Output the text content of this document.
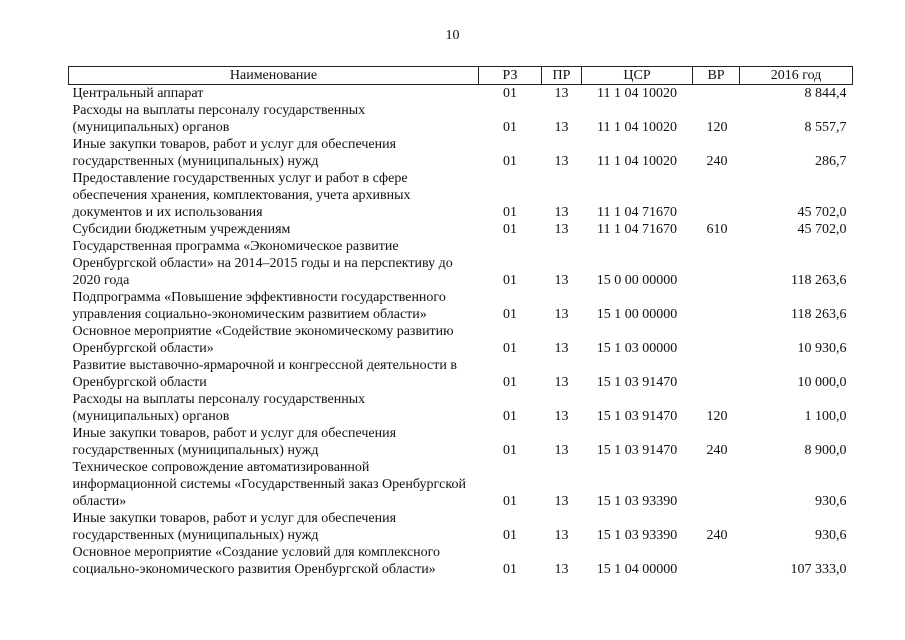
10
Наименование	РЗ	ПР	ЦСР	ВР	2016 год
Центральный аппарат	01	13	11 1 04 10020		8 844,4
Расходы на выплаты персоналу государственных (муниципальных) органов	01	13	11 1 04 10020	120	8 557,7
Иные закупки товаров, работ и услуг для обеспечения государственных (муниципальных) нужд	01	13	11 1 04 10020	240	286,7
Предоставление государственных услуг и работ в сфере обеспечения хранения, комплектования, учета архивных документов и их использования	01	13	11 1 04 71670		45 702,0
Субсидии бюджетным учреждениям	01	13	11 1 04 71670	610	45 702,0
Государственная программа «Экономическое развитие Оренбургской области» на 2014–2015 годы и на перспективу до 2020 года	01	13	15 0 00 00000		118 263,6
Подпрограмма «Повышение эффективности государственного управления социально-экономическим развитием области»	01	13	15 1 00 00000		118 263,6
Основное мероприятие «Содействие экономическому развитию Оренбургской области»	01	13	15 1 03 00000		10 930,6
Развитие выставочно-ярмарочной и конгрессной деятельности в Оренбургской области	01	13	15 1 03 91470		10 000,0
Расходы на выплаты персоналу государственных (муниципальных) органов	01	13	15 1 03 91470	120	1 100,0
Иные закупки товаров, работ и услуг для обеспечения государственных (муниципальных) нужд	01	13	15 1 03 91470	240	8 900,0
Техническое сопровождение автоматизированной информационной системы «Государственный заказ Оренбургской области»	01	13	15 1 03 93390		930,6
Иные закупки товаров, работ и услуг для обеспечения государственных (муниципальных) нужд	01	13	15 1 03 93390	240	930,6
Основное мероприятие «Создание условий для комплексного социально-экономического развития Оренбургской области»	01	13	15 1 04 00000		107 333,0
